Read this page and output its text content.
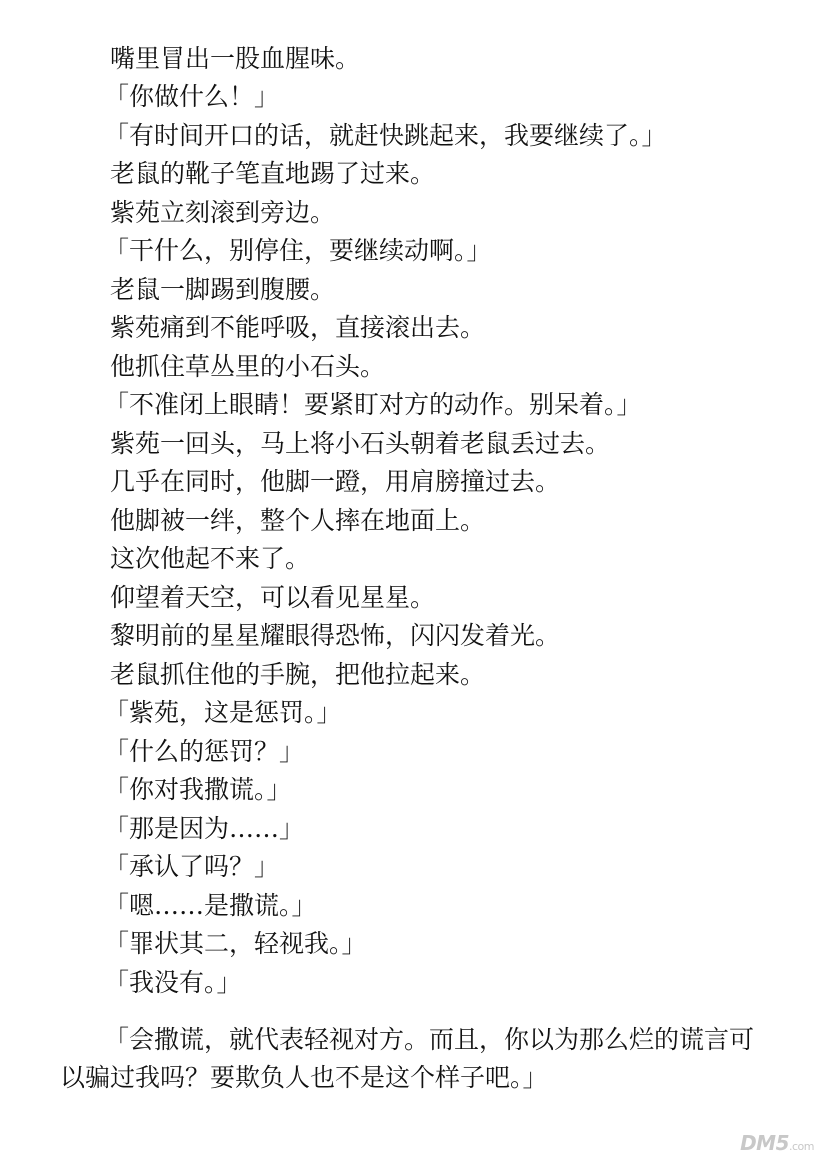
嘴里冒出一股血腥味。

「你做什么！」

「有时间开口的话，就赶快跳起来，我要继续了。」

老鼠的靴子笔直地踢了过来。

紫苑立刻滚到旁边。

「干什么，别停住，要继续动啊。」

老鼠一脚踢到腹腰。

紫苑痛到不能呼吸，直接滚出去。

他抓住草丛里的小石头。

「不准闭上眼睛！要紧盯对方的动作。别呆着。」

紫苑一回头，马上将小石头朝着老鼠丢过去。

几乎在同时，他脚一蹬，用肩膀撞过去。

他脚被一绊，整个人摔在地面上。

这次他起不来了。

仰望着天空，可以看见星星。

黎明前的星星耀眼得恐怖，闪闪发着光。

老鼠抓住他的手腕，把他拉起来。

「紫苑，这是惩罚。」

「什么的惩罚？」

「你对我撒谎。」

「那是因为……」

「承认了吗？」

「嗯……是撒谎。」

「罪状其二，轻视我。」

「我没有。」

「会撒谎，就代表轻视对方。而且，你以为那么烂的谎言可以骗过我吗？要欺负人也不是这个样子吧。」

DM5.com
